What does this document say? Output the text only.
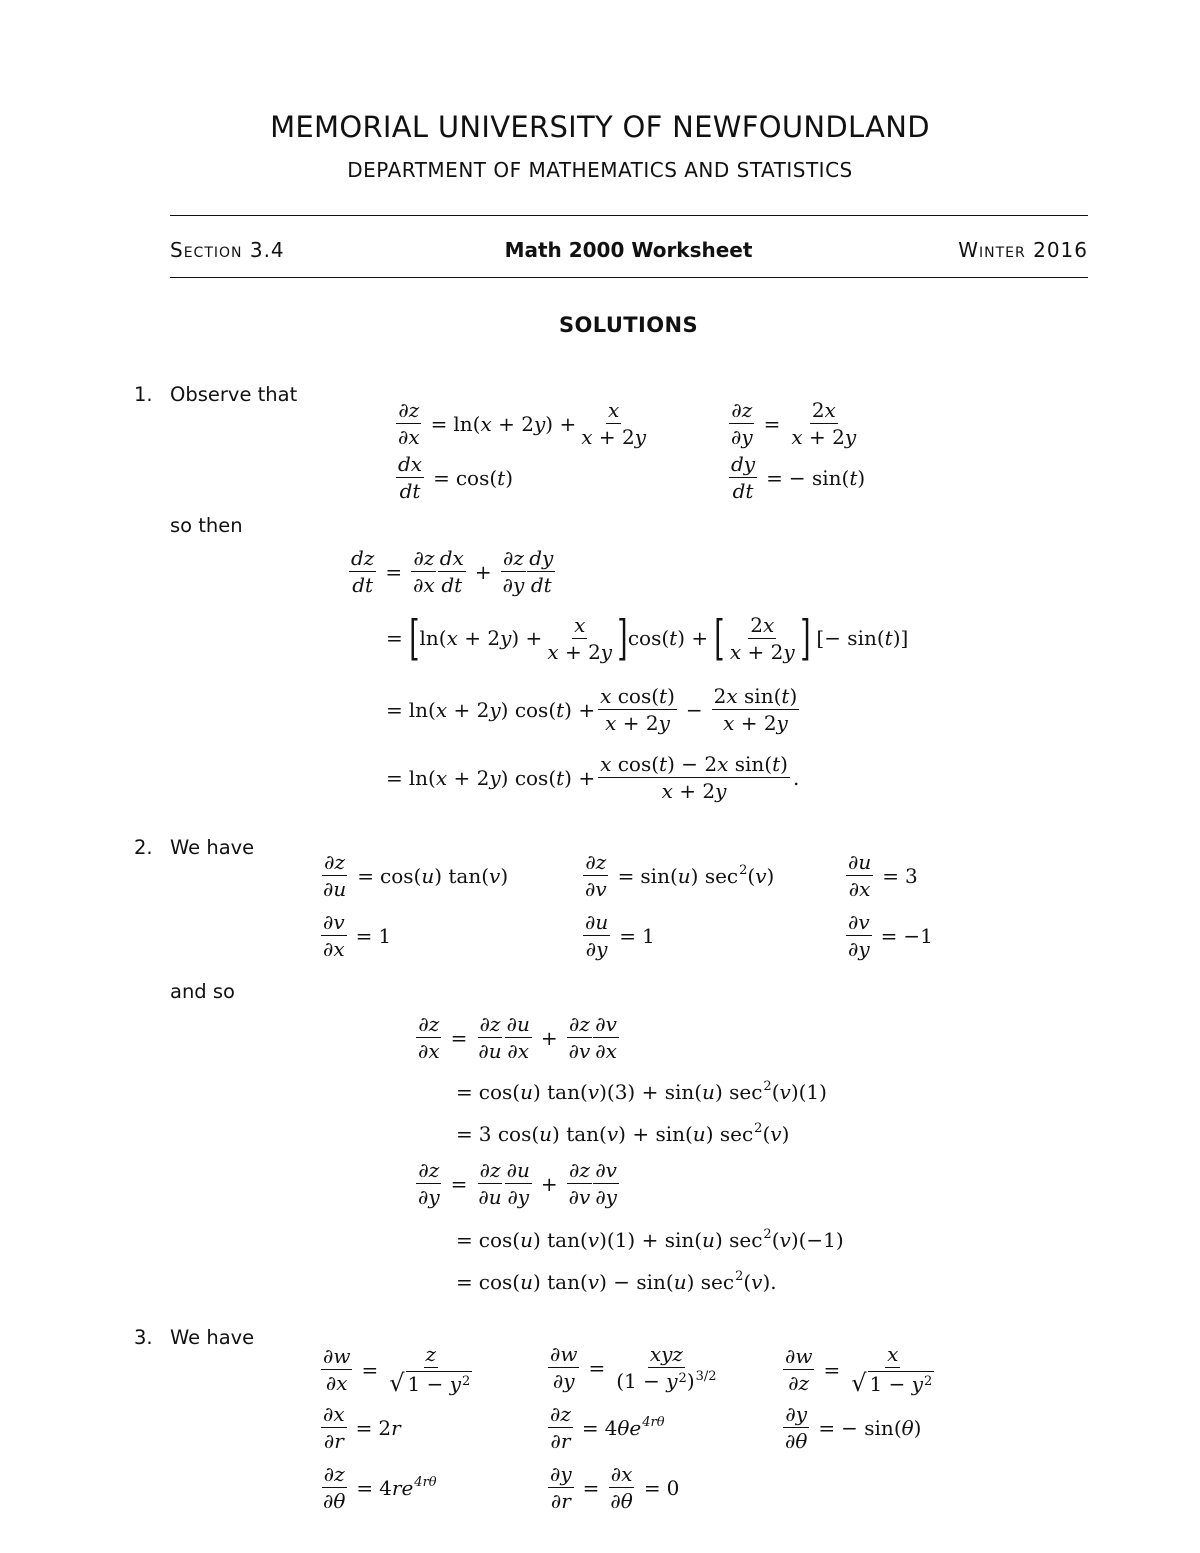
MEMORIAL UNIVERSITY OF NEWFOUNDLAND
DEPARTMENT OF MATHEMATICS AND STATISTICS
Section 3.4	Math 2000 Worksheet	Winter 2016
SOLUTIONS
1. Observe that
$\frac{\partial z}{\partial x} = \ln(x + 2y) + \frac{x}{x + 2y}$	$\frac{\partial z}{\partial y} = \frac{2x}{x + 2y}$
$\frac{dx}{dt} = \cos(t)$	$\frac{dy}{dt}$ = − sin(t)
so then
$\frac{dz}{dt} = \frac{\partial z}{\partial x} \frac{dx}{dt} + \frac{\partial z}{\partial y} \frac{dy}{dt}$
= [ $\ln(x + 2y) + \frac{x}{x + 2y}$ ] cos(t) + [ $\frac{2x}{x + 2y}$ ] [− sin(t)]
= ln(x + 2y) $\cos(t) + \frac{\text{x cos(t)}}{x + 2y} - \frac{\text{2x sin(t)}}{x + 2y}$
= ln(x + 2y) $\cos(t) + \frac{\text{x cos(t) − 2x sin(t)}}{x + 2y}$ .
2. We have
$\frac{\partial z}{\partial u} = \cos(u)$ tan(v)	$\frac{\partial z}{\partial v} = \sin(u)$ $\sec^2(v)$	$\frac{\partial u}{\partial x} = 3$
$\frac{\partial v}{\partial x} = 1$	$\frac{\partial u}{\partial y} = 1$	$\frac{\partial v}{\partial y} = -1$
and so
$\frac{\partial z}{\partial x} = \frac{\partial z}{\partial u} \frac{\partial u}{\partial x} + \frac{\partial z}{\partial v} \frac{\partial v}{\partial x}$
= cos(u) tan(v)(3) + sin(u) $\sec^2(v)(1)$
= 3 cos(u) tan(v) + sin(u) $\sec^2(v)$
$\frac{\partial z}{\partial y} = \frac{\partial z}{\partial u} \frac{\partial u}{\partial y} + \frac{\partial z}{\partial v} \frac{\partial v}{\partial y}$
= cos(u) tan(v)(1) + sin(u) $\sec^2(v)(-1)$
= cos(u) tan(v) − sin(u) $\sec^2(v)$.
3. We have
$\frac{\partial w}{\partial x} = \frac{z}{√ 1 - y^2}$	$\frac{\partial w}{\partial y} = \frac{\text{xyz}}{(1 - y^2)^{3/2}}$	$\frac{\partial w}{\partial z} = \frac{x}{√ 1 - y^2}$
$\frac{\partial x}{\partial r} = 2r$	$\frac{\partial z}{\partial r} = 4\theta e^{4r\theta}$	$\frac{\partial y}{\partial\theta}$ = − sin(θ)
$\frac{\partial z}{\partial\theta} = 4re^{4r\theta}$	$\frac{\partial y}{\partial r} = \frac{\partial x}{\partial\theta} = 0$
